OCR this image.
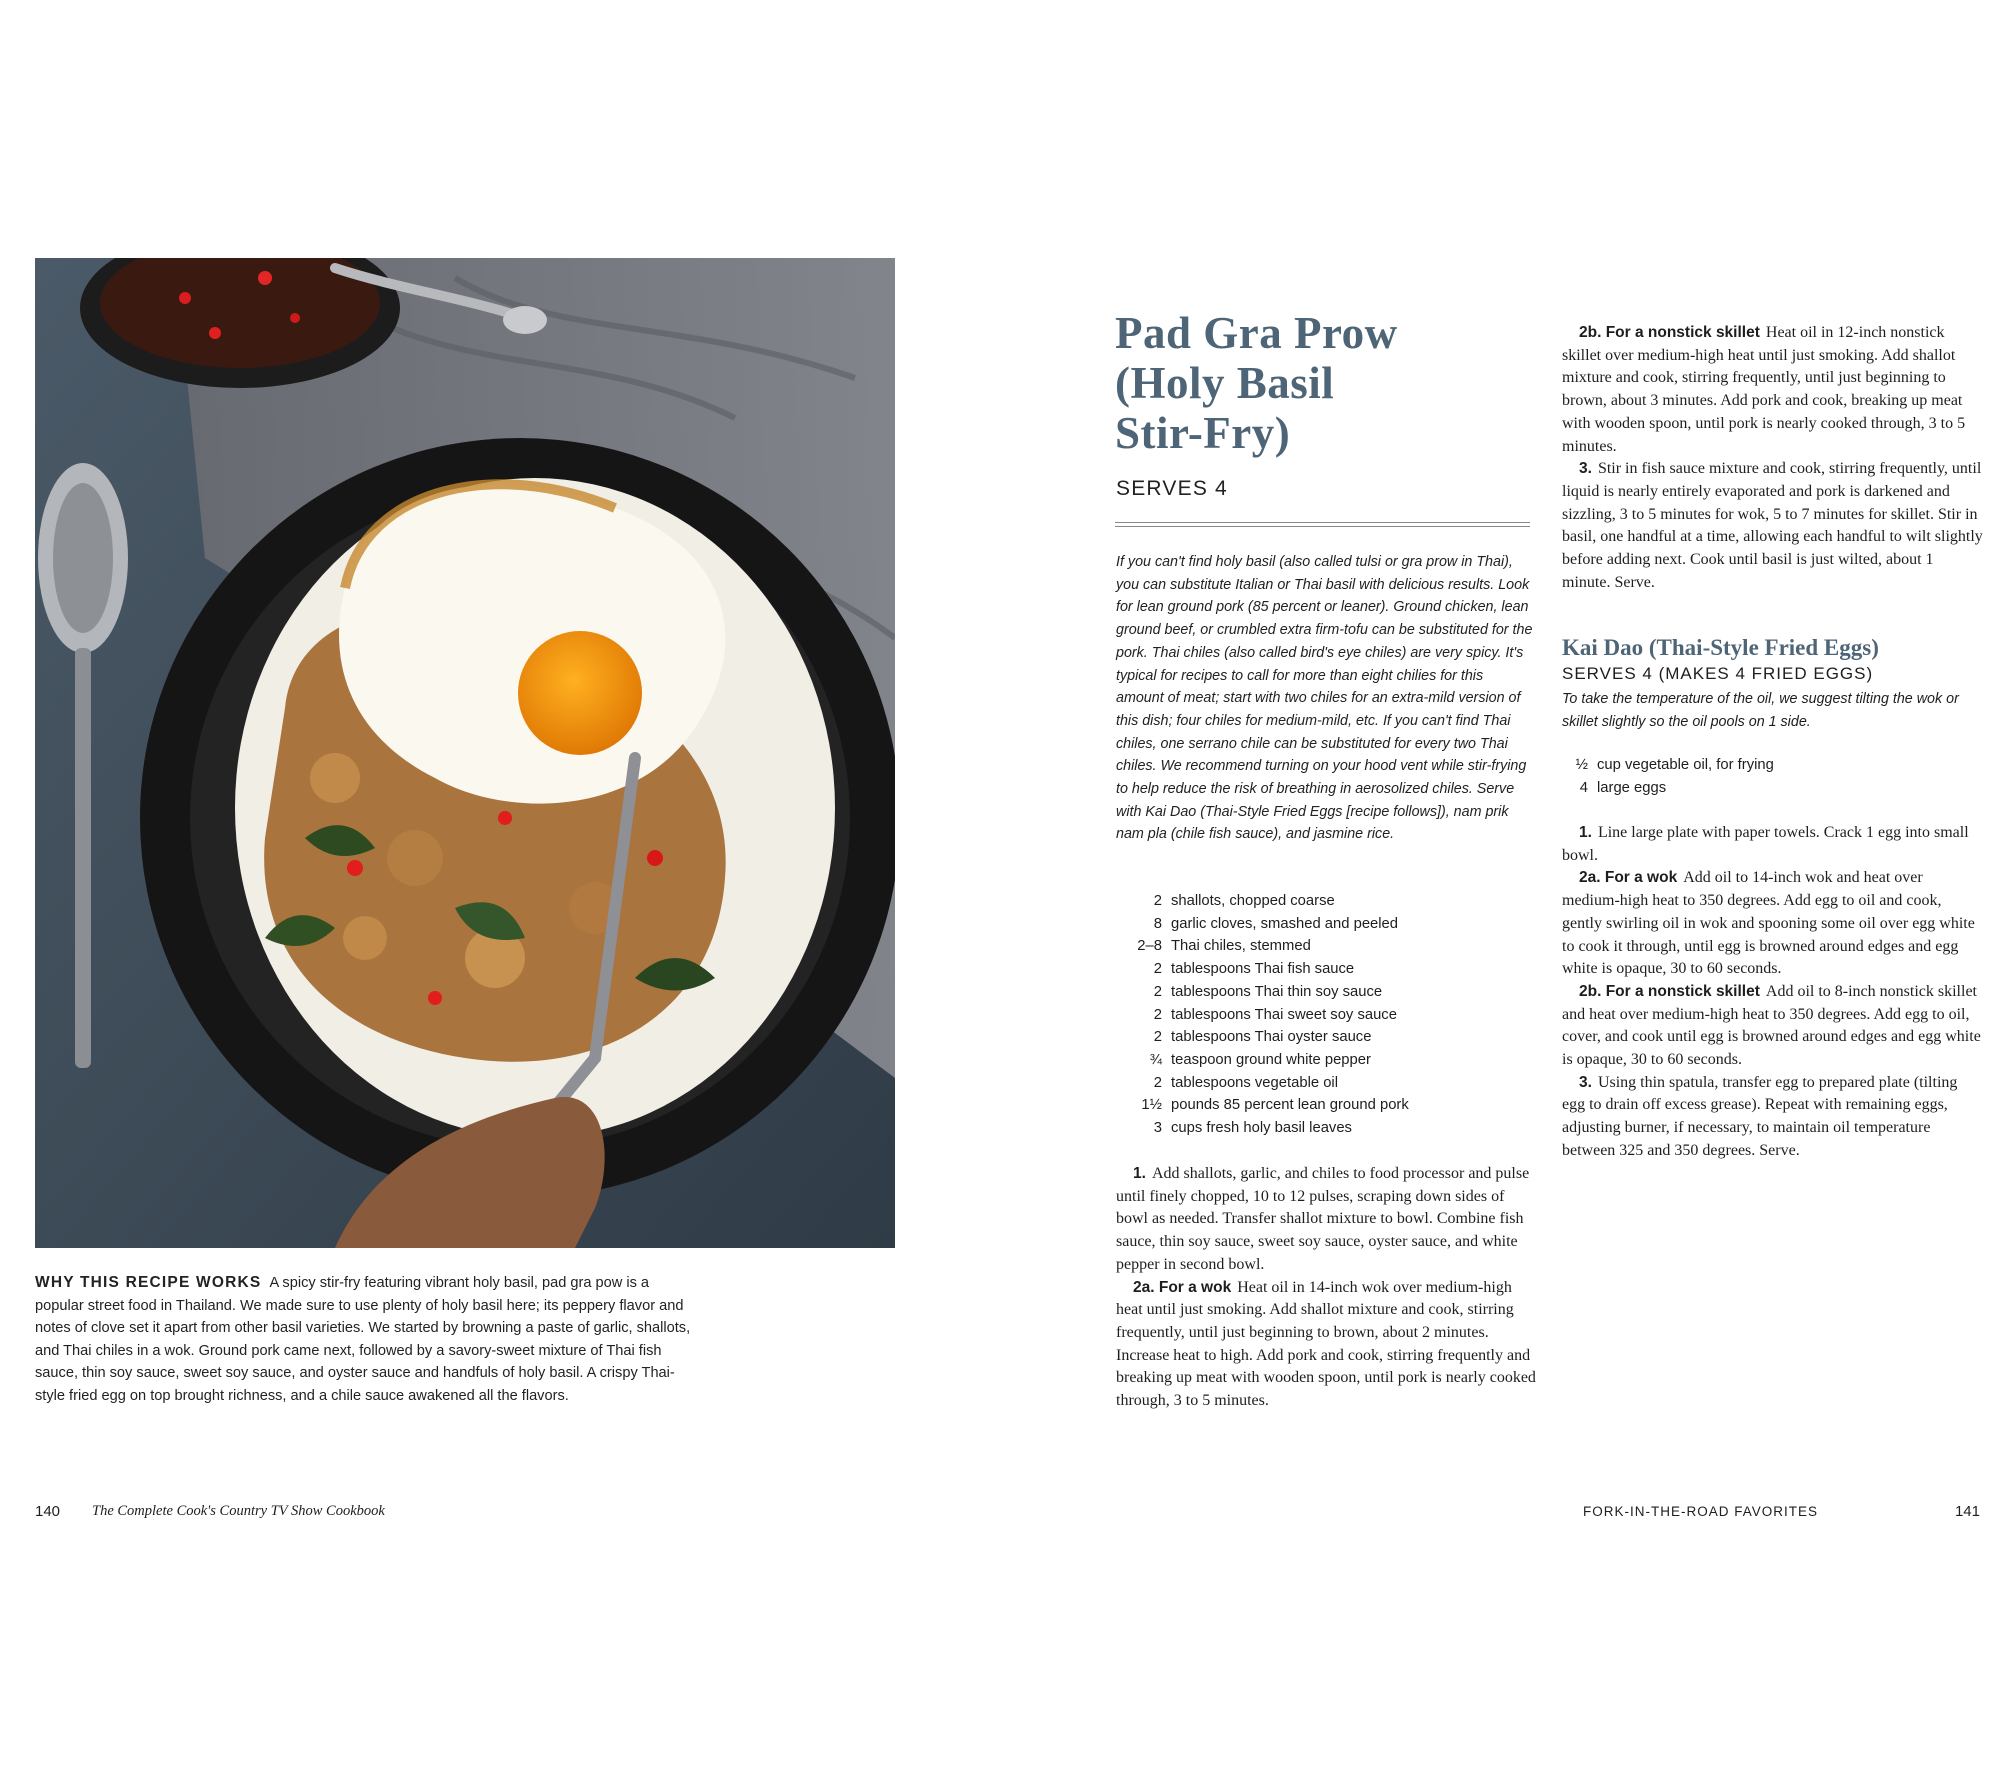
WHY THIS RECIPE WORKS A spicy stir-fry featuring vibrant holy basil, pad gra pow is a popular street food in Thailand. We made sure to use plenty of holy basil here; its peppery flavor and notes of clove set it apart from other basil varieties. We started by browning a paste of garlic, shallots, and Thai chiles in a wok. Ground pork came next, followed by a savory-sweet mixture of Thai fish sauce, thin soy sauce, sweet soy sauce, and oyster sauce and handfuls of holy basil. A crispy Thai-style fried egg on top brought richness, and a chile sauce awakened all the flavors.
140 The Complete Cook's Country TV Show Cookbook
Pad Gra Prow
(Holy Basil
Stir-Fry)
SERVES 4
If you can't find holy basil (also called tulsi or gra prow in Thai), you can substitute Italian or Thai basil with delicious results. Look for lean ground pork (85 percent or leaner). Ground chicken, lean ground beef, or crumbled extra firm-tofu can be substituted for the pork. Thai chiles (also called bird's eye chiles) are very spicy. It's typical for recipes to call for more than eight chilies for this amount of meat; start with two chiles for an extra-mild version of this dish; four chiles for medium-mild, etc. If you can't find Thai chiles, one serrano chile can be substituted for every two Thai chiles. We recommend turning on your hood vent while stir-frying to help reduce the risk of breathing in aerosolized chiles. Serve with Kai Dao (Thai-Style Fried Eggs [recipe follows]), nam prik nam pla (chile fish sauce), and jasmine rice.
2 shallots, chopped coarse
8 garlic cloves, smashed and peeled
2–8 Thai chiles, stemmed
2 tablespoons Thai fish sauce
2 tablespoons Thai thin soy sauce
2 tablespoons Thai sweet soy sauce
2 tablespoons Thai oyster sauce
¾ teaspoon ground white pepper
2 tablespoons vegetable oil
1½ pounds 85 percent lean ground pork
3 cups fresh holy basil leaves

1. Add shallots, garlic, and chiles to food processor and pulse until finely chopped, 10 to 12 pulses, scraping down sides of bowl as needed. Transfer shallot mixture to bowl. Combine fish sauce, thin soy sauce, sweet soy sauce, oyster sauce, and white pepper in second bowl.

2a. For a wok Heat oil in 14-inch wok over medium-high heat until just smoking. Add shallot mixture and cook, stirring frequently, until just beginning to brown, about 2 minutes. Increase heat to high. Add pork and cook, stirring frequently and breaking up meat with wooden spoon, until pork is nearly cooked through, 3 to 5 minutes.

2b. For a nonstick skillet Heat oil in 12-inch nonstick skillet over medium-high heat until just smoking. Add shallot mixture and cook, stirring frequently, until just beginning to brown, about 3 minutes. Add pork and cook, breaking up meat with wooden spoon, until pork is nearly cooked through, 3 to 5 minutes.

3. Stir in fish sauce mixture and cook, stirring frequently, until liquid is nearly entirely evaporated and pork is darkened and sizzling, 3 to 5 minutes for wok, 5 to 7 minutes for skillet. Stir in basil, one handful at a time, allowing each handful to wilt slightly before adding next. Cook until basil is just wilted, about 1 minute. Serve.

Kai Dao (Thai-Style Fried Eggs)
SERVES 4 (MAKES 4 FRIED EGGS)
To take the temperature of the oil, we suggest tilting the wok or skillet slightly so the oil pools on 1 side.
½ cup vegetable oil, for frying
4 large eggs

1. Line large plate with paper towels. Crack 1 egg into small bowl.

2a. For a wok Add oil to 14-inch wok and heat over medium-high heat to 350 degrees. Add egg to oil and cook, gently swirling oil in wok and spooning some oil over egg white to cook it through, until egg is browned around edges and egg white is opaque, 30 to 60 seconds.

2b. For a nonstick skillet Add oil to 8-inch nonstick skillet and heat over medium-high heat to 350 degrees. Add egg to oil, cover, and cook until egg is browned around edges and egg white is opaque, 30 to 60 seconds.

3. Using thin spatula, transfer egg to prepared plate (tilting egg to drain off excess grease). Repeat with remaining eggs, adjusting burner, if necessary, to maintain oil temperature between 325 and 350 degrees. Serve.

FORK-IN-THE-ROAD FAVORITES	141
